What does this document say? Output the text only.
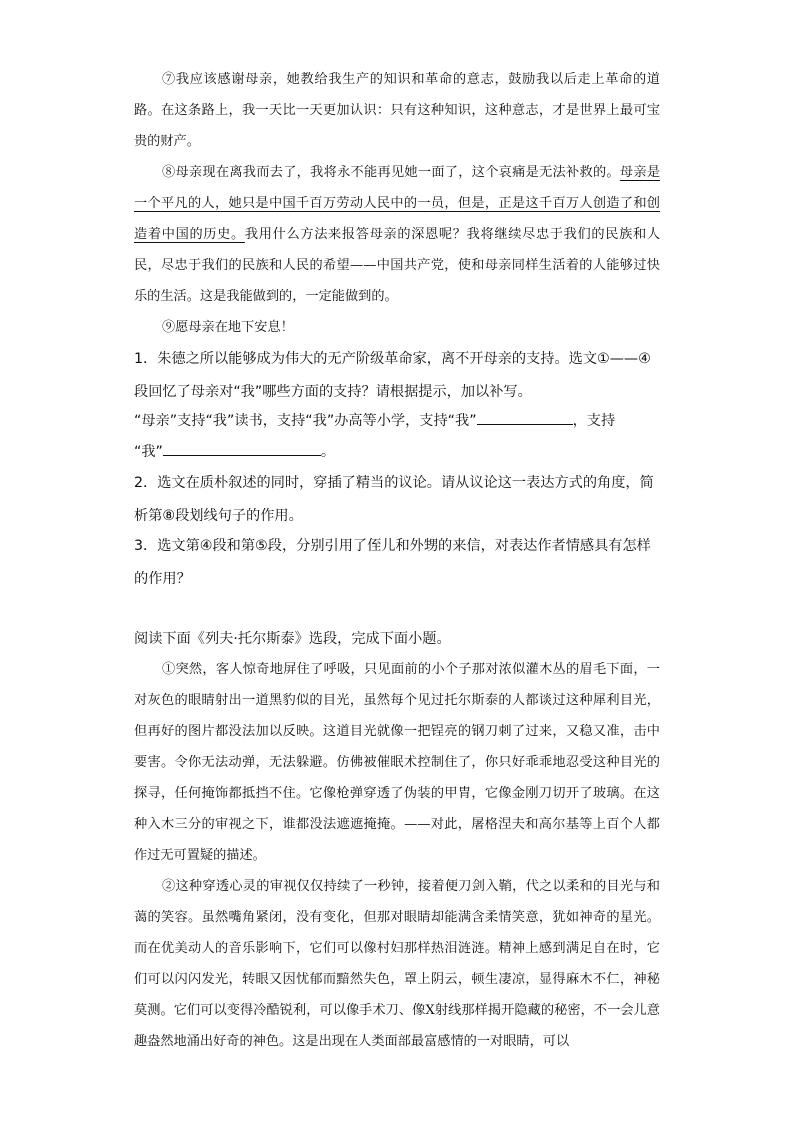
⑦我应该感谢母亲，她教给我生产的知识和革命的意志，鼓励我以后走上革命的道路。在这条路上，我一天比一天更加认识：只有这种知识，这种意志，才是世界上最可宝贵的财产。

⑧母亲现在离我而去了，我将永不能再见她一面了，这个哀痛是无法补救的。母亲是一个平凡的人，她只是中国千百万劳动人民中的一员，但是，正是这千百万人创造了和创造着中国的历史。我用什么方法来报答母亲的深恩呢？我将继续尽忠于我们的民族和人民，尽忠于我们的民族和人民的希望——中国共产党，使和母亲同样生活着的人能够过快乐的生活。这是我能做到的，一定能做到的。

⑨愿母亲在地下安息！

1．朱德之所以能够成为伟大的无产阶级革命家，离不开母亲的支持。选文①——④段回忆了母亲对“我”哪些方面的支持？请根据提示，加以补写。

“母亲”支持“我”读书，支持“我”办高等小学，支持“我”	，支持

“我”	。

2．选文在质朴叙述的同时，穿插了精当的议论。请从议论这一表达方式的角度，简析第⑧段划线句子的作用。

3．选文第④段和第⑤段，分别引用了侄儿和外甥的来信，对表达作者情感具有怎样的作用？

阅读下面《列夫·托尔斯泰》选段，完成下面小题。

①突然，客人惊奇地屏住了呼吸，只见面前的小个子那对浓似灌木丛的眉毛下面，一对灰色的眼睛射出一道黑豹似的目光，虽然每个见过托尔斯泰的人都谈过这种犀利目光，但再好的图片都没法加以反映。这道目光就像一把锃亮的钢刀刺了过来，又稳又准，击中要害。令你无法动弹，无法躲避。仿佛被催眠术控制住了，你只好乖乖地忍受这种目光的探寻，任何掩饰都抵挡不住。它像枪弹穿透了伪装的甲胄，它像金刚刀切开了玻璃。在这种入木三分的审视之下，谁都没法遮遮掩掩。——对此，屠格涅夫和高尔基等上百个人都作过无可置疑的描述。

②这种穿透心灵的审视仅仅持续了一秒钟，接着便刀剑入鞘，代之以柔和的目光与和蔼的笑容。虽然嘴角紧闭，没有变化，但那对眼睛却能满含柔情笑意，犹如神奇的星光。而在优美动人的音乐影响下，它们可以像村妇那样热泪涟涟。精神上感到满足自在时，它们可以闪闪发光，转眼又因忧郁而黯然失色，罩上阴云，顿生凄凉，显得麻木不仁，神秘莫测。它们可以变得冷酷锐利，可以像手术刀、像X射线那样揭开隐藏的秘密，不一会儿意趣盎然地涌出好奇的神色。这是出现在人类面部最富感情的一对眼睛，可以
